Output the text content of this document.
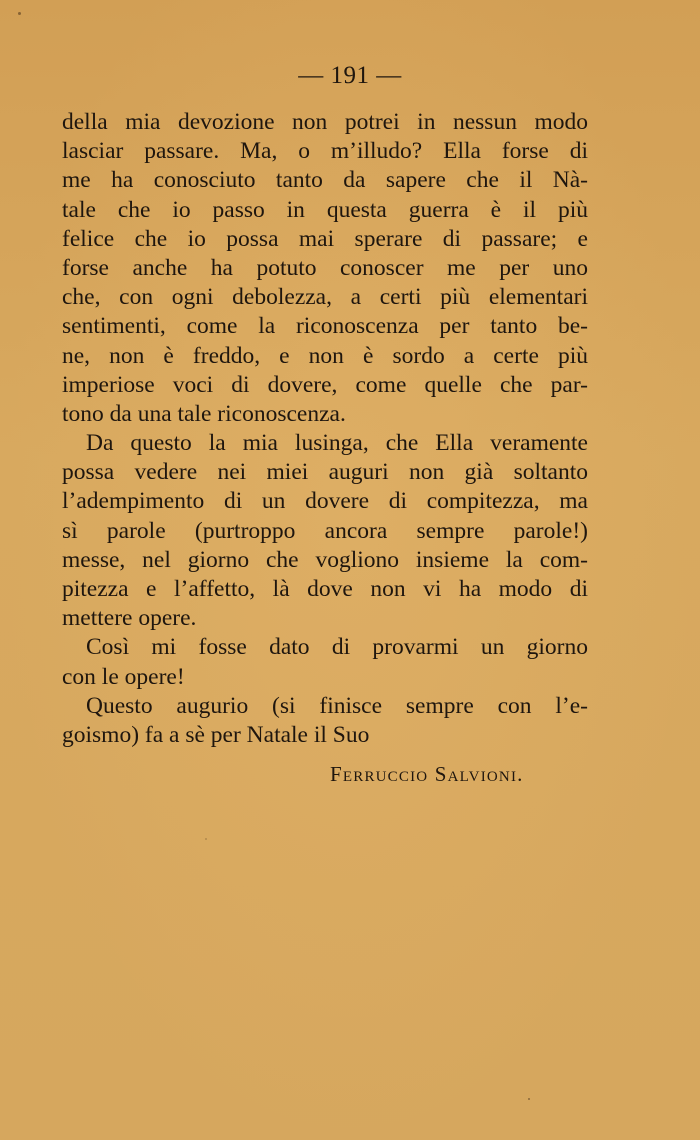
— 191 —
della mia devozione non potrei in nessun modo
lasciar passare. Ma, o m’illudo? Ella forse di
me ha conosciuto tanto da sapere che il Nà-
tale che io passo in questa guerra è il più
felice che io possa mai sperare di passare; e
forse anche ha potuto conoscer me per uno
che, con ogni debolezza, a certi più elementari
sentimenti, come la riconoscenza per tanto be-
ne, non è freddo, e non è sordo a certe più
imperiose voci di dovere, come quelle che par-
tono da una tale riconoscenza.
Da questo la mia lusinga, che Ella veramente
possa vedere nei miei auguri non già soltanto
l’adempimento di un dovere di compitezza, ma
sì parole (purtroppo ancora sempre parole!)
messe, nel giorno che vogliono insieme la com-
pitezza e l’affetto, là dove non vi ha modo di
mettere opere.
Così mi fosse dato di provarmi un giorno
con le opere!
Questo augurio (si finisce sempre con l’e-
goismo) fa a sè per Natale il Suo
Ferruccio Salvioni.
